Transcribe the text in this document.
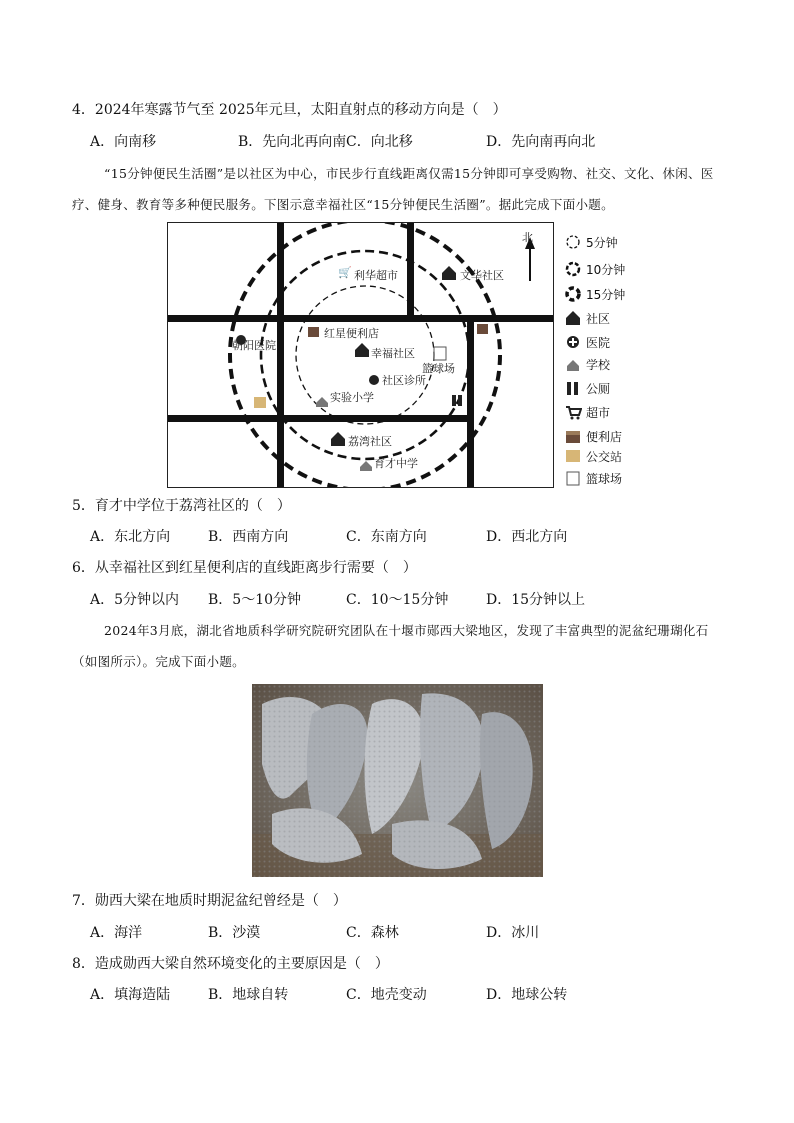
4．2024年寒露节气至 2025年元旦，太阳直射点的移动方向是（　）
A．向南移	B．先向北再向南 C．向北移	D．先向南再向北
“15分钟便民生活圈”是以社区为中心，市民步行直线距离仅需15分钟即可享受购物、社交、文化、休闲、医疗、健身、教育等多种便民服务。下图示意幸福社区“15分钟便民生活圈”。据此完成下面小题。
北
🛒 利华超市	文华社区
红星便利店
朝阳医院
幸福社区
篮球场
社区诊所
实验小学
荔湾社区
育才中学
5分钟
10分钟
15分钟
社区
医院
学校
公厕
超市
便利店
公交站
篮球场
5．育才中学位于荔湾社区的（　）
A．东北方向	B．西南方向	C．东南方向	D．西北方向
6．从幸福社区到红星便利店的直线距离步行需要（　）
A．5分钟以内 B．5～10分钟	C．10～15分钟	D．15分钟以上
2024年3月底，湖北省地质科学研究院研究团队在十堰市郧西大梁地区，发现了丰富典型的泥盆纪珊瑚化石（如图所示）。完成下面小题。
7．勋西大梁在地质时期泥盆纪曾经是（　）
A．海洋	B．沙漠	C．森林	D．冰川
8．造成勋西大梁自然环境变化的主要原因是（　）
A．填海造陆	B．地球自转	C．地壳变动	D．地球公转
